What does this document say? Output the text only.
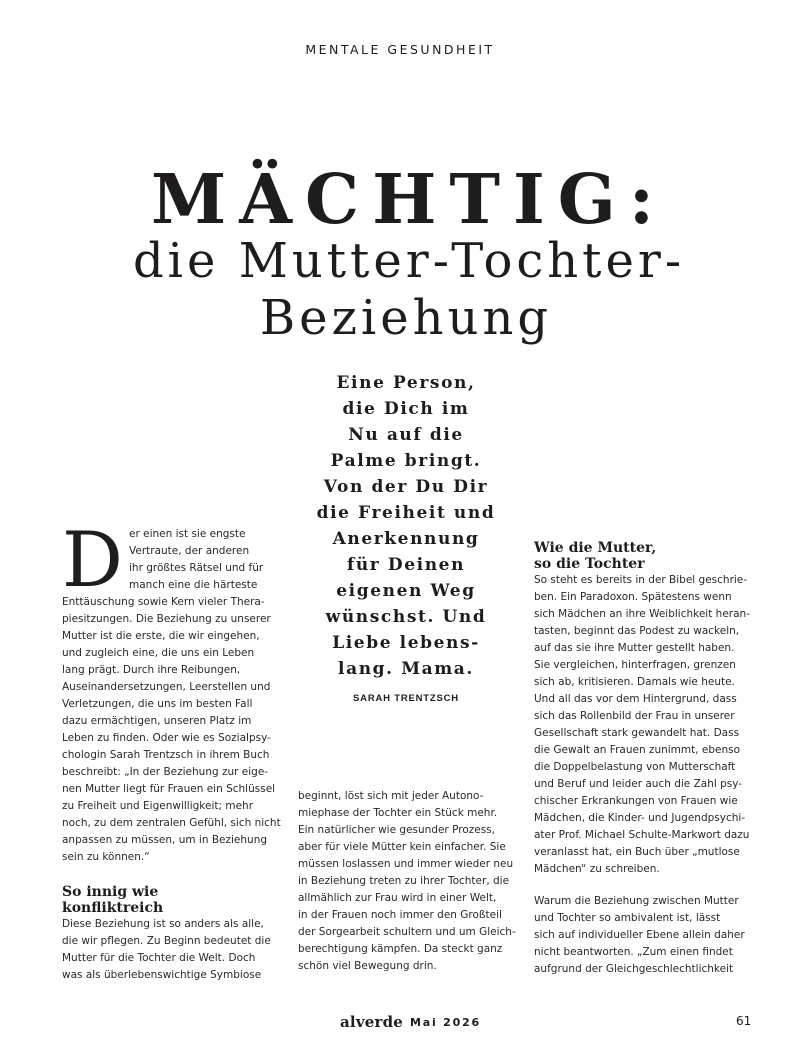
MENTALE GESUNDHEIT
MÄCHTIG:
die Mutter-Tochter-
Beziehung
Eine Person,
die Dich im
Nu auf die
Palme bringt.
Von der Du Dir
die Freiheit und
Anerkennung
für Deinen
eigenen Weg
wünschst. Und
Liebe lebens-
lang. Mama.
SARAH TRENTZSCH
D er einen ist sie engste
Vertraute, der anderen
ihr größtes Rätsel und für
manch eine die härteste
Enttäuschung sowie Kern vieler Thera-
piesitzungen. Die Beziehung zu unserer
Mutter ist die erste, die wir eingehen,
und zugleich eine, die uns ein Leben
lang prägt. Durch ihre Reibungen,
Auseinandersetzungen, Leerstellen und
Verletzungen, die uns im besten Fall
dazu ermächtigen, unseren Platz im
Leben zu finden. Oder wie es Sozialpsy-
chologin Sarah Trentzsch in ihrem Buch
beschreibt: „In der Beziehung zur eige-
nen Mutter liegt für Frauen ein Schlüssel
zu Freiheit und Eigenwilligkeit; mehr
noch, zu dem zentralen Gefühl, sich nicht
anpassen zu müssen, um in Beziehung
sein zu können.“
So innig wie
konfliktreich
Diese Beziehung ist so anders als alle,
die wir pflegen. Zu Beginn bedeutet die
Mutter für die Tochter die Welt. Doch
was als überlebenswichtige Symbiose
beginnt, löst sich mit jeder Autono-
miephase der Tochter ein Stück mehr.
Ein natürlicher wie gesunder Prozess,
aber für viele Mütter kein einfacher. Sie
müssen loslassen und immer wieder neu
in Beziehung treten zu ihrer Tochter, die
allmählich zur Frau wird in einer Welt,
in der Frauen noch immer den Großteil
der Sorgearbeit schultern und um Gleich-
berechtigung kämpfen. Da steckt ganz
schön viel Bewegung drin.
Wie die Mutter,
so die Tochter
So steht es bereits in der Bibel geschrie-
ben. Ein Paradoxon. Spätestens wenn
sich Mädchen an ihre Weiblichkeit heran-
tasten, beginnt das Podest zu wackeln,
auf das sie ihre Mutter gestellt haben.
Sie vergleichen, hinterfragen, grenzen
sich ab, kritisieren. Damals wie heute.
Und all das vor dem Hintergrund, dass
sich das Rollenbild der Frau in unserer
Gesellschaft stark gewandelt hat. Dass
die Gewalt an Frauen zunimmt, ebenso
die Doppelbelastung von Mutterschaft
und Beruf und leider auch die Zahl psy-
chischer Erkrankungen von Frauen wie
Mädchen, die Kinder- und Jugendpsychi-
ater Prof. Michael Schulte-Markwort dazu
veranlasst hat, ein Buch über „mutlose
Mädchen“ zu schreiben.
Warum die Beziehung zwischen Mutter
und Tochter so ambivalent ist, lässt
sich auf individueller Ebene allein daher
nicht beantworten. „Zum einen findet
aufgrund der Gleichgeschlechtlichkeit
alverde Mai 2026	61
